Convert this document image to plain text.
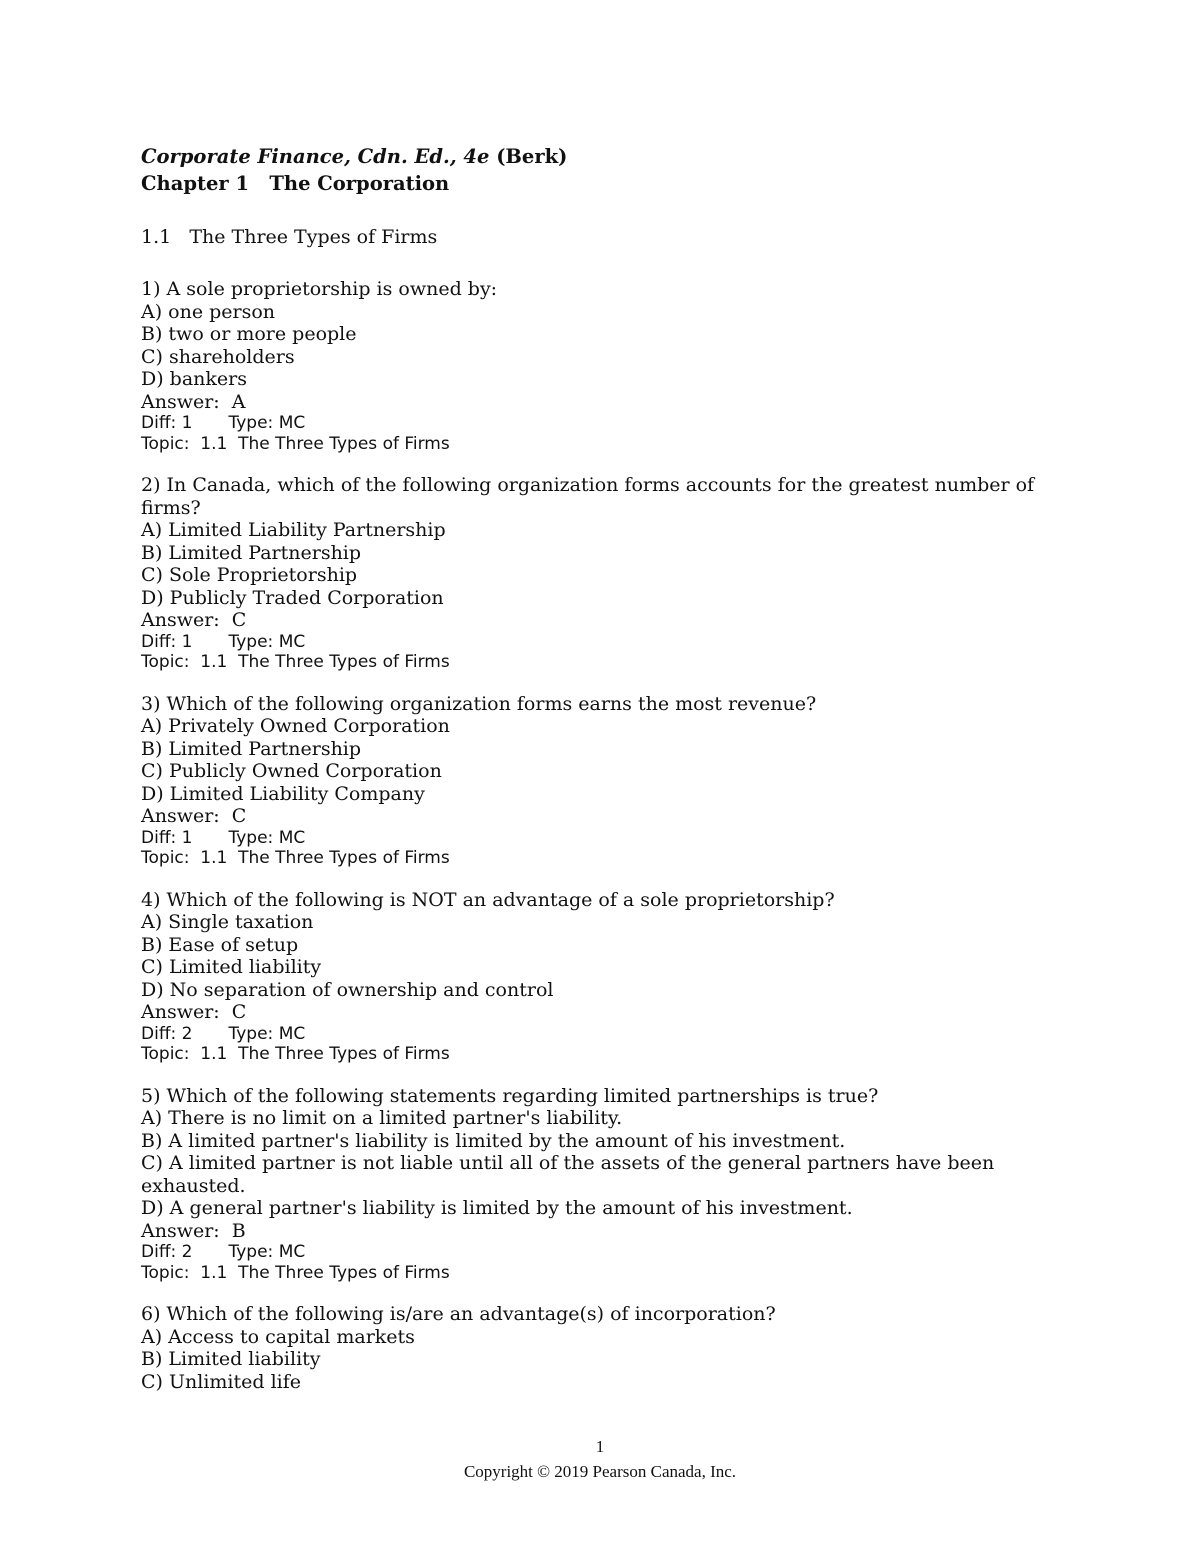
Corporate Finance, Cdn. Ed., 4e (Berk)
Chapter 1   The Corporation
1.1   The Three Types of Firms
1) A sole proprietorship is owned by:
A) one person
B) two or more people
C) shareholders
D) bankers
Answer:  A
Diff: 1 Type: MC
Topic:  1.1  The Three Types of Firms
2) In Canada, which of the following organization forms accounts for the greatest number of firms?
A) Limited Liability Partnership
B) Limited Partnership
C) Sole Proprietorship
D) Publicly Traded Corporation
Answer:  C
Diff: 1 Type: MC
Topic:  1.1  The Three Types of Firms
3) Which of the following organization forms earns the most revenue?
A) Privately Owned Corporation
B) Limited Partnership
C) Publicly Owned Corporation
D) Limited Liability Company
Answer:  C
Diff: 1 Type: MC
Topic:  1.1  The Three Types of Firms
4) Which of the following is NOT an advantage of a sole proprietorship?
A) Single taxation
B) Ease of setup
C) Limited liability
D) No separation of ownership and control
Answer:  C
Diff: 2 Type: MC
Topic:  1.1  The Three Types of Firms
5) Which of the following statements regarding limited partnerships is true?
A) There is no limit on a limited partner's liability.
B) A limited partner's liability is limited by the amount of his investment.
C) A limited partner is not liable until all of the assets of the general partners have been exhausted.
D) A general partner's liability is limited by the amount of his investment.
Answer:  B
Diff: 2 Type: MC
Topic:  1.1  The Three Types of Firms
6) Which of the following is/are an advantage(s) of incorporation?
A) Access to capital markets
B) Limited liability
C) Unlimited life
1
Copyright © 2019 Pearson Canada, Inc.
